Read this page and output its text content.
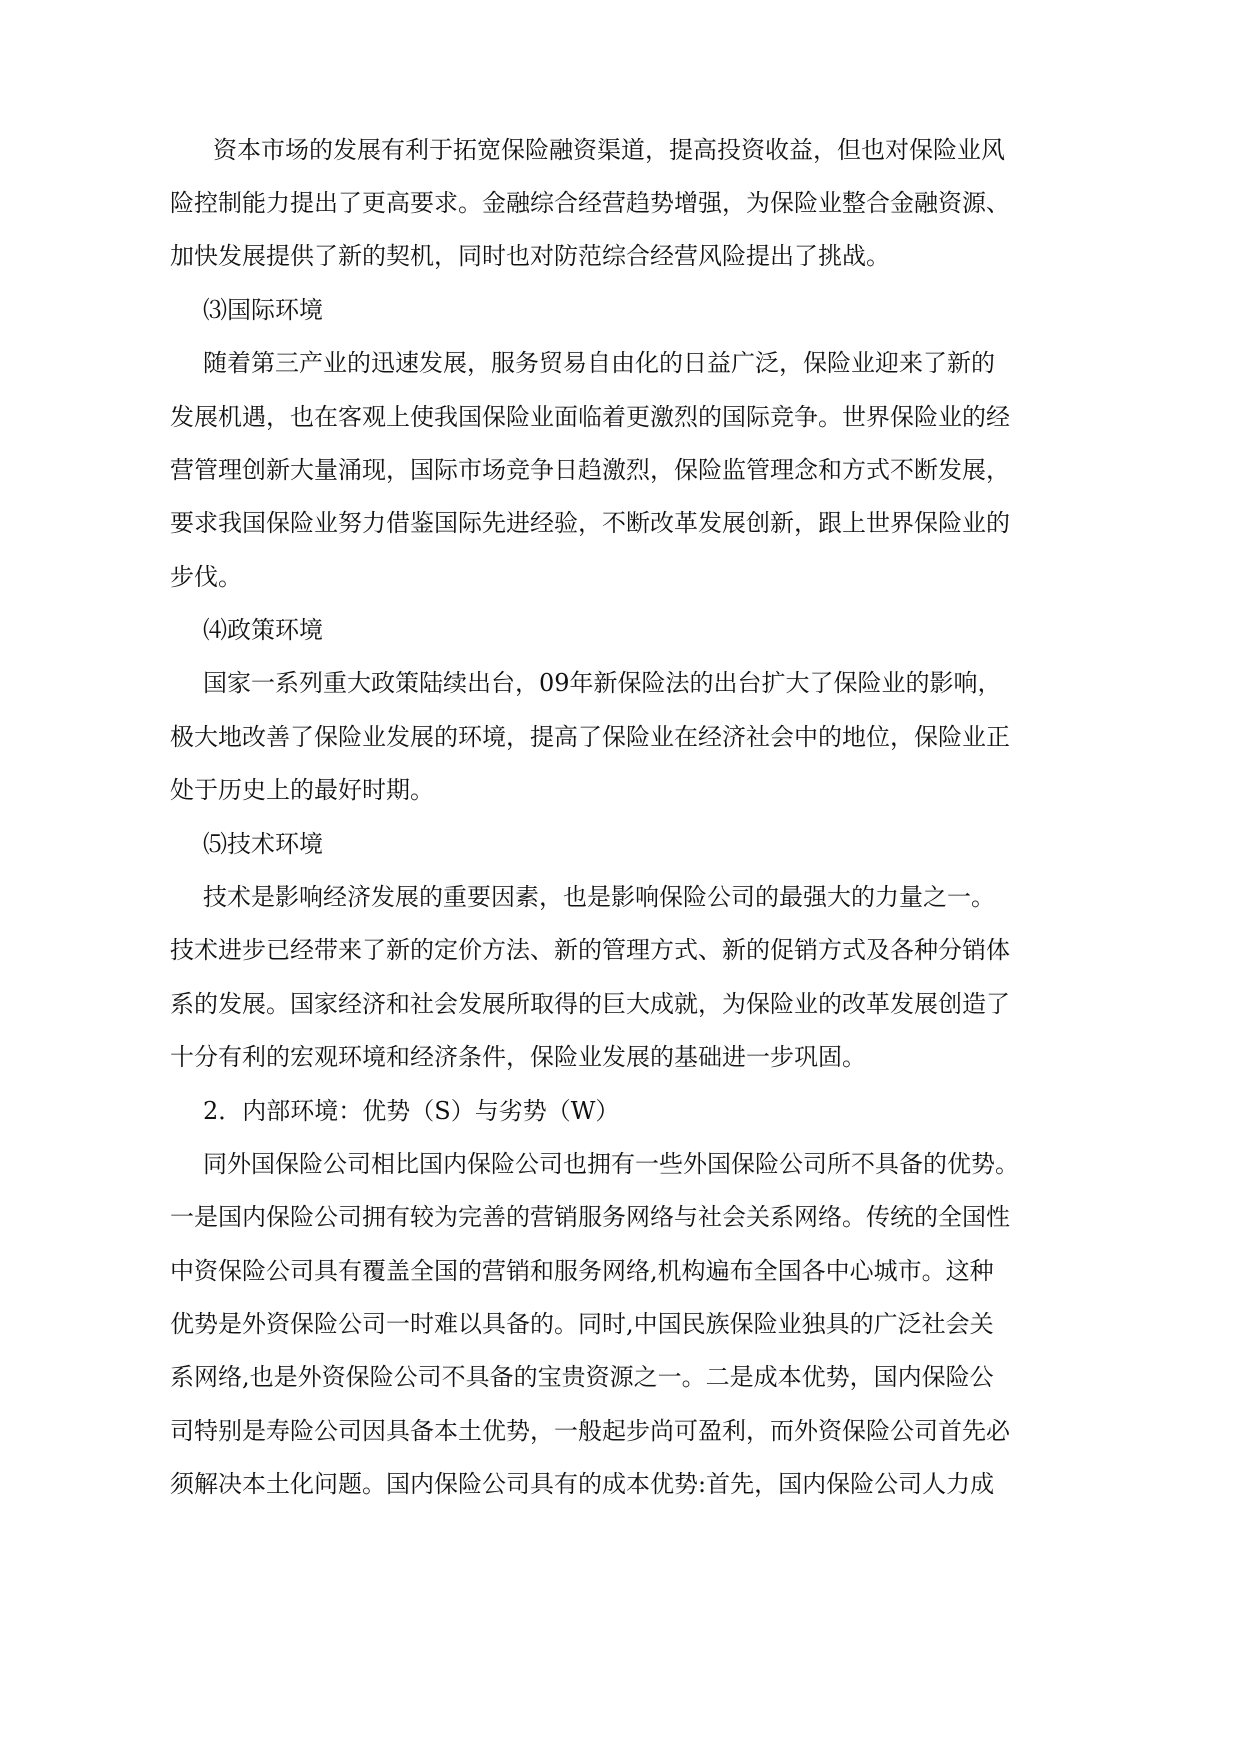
资本市场的发展有利于拓宽保险融资渠道，提高投资收益，但也对保险业风
险控制能力提出了更高要求。金融综合经营趋势增强，为保险业整合金融资源、
加快发展提供了新的契机，同时也对防范综合经营风险提出了挑战。
⑶国际环境
随着第三产业的迅速发展，服务贸易自由化的日益广泛，保险业迎来了新的
发展机遇，也在客观上使我国保险业面临着更激烈的国际竞争。世界保险业的经
营管理创新大量涌现，国际市场竞争日趋激烈，保险监管理念和方式不断发展，
要求我国保险业努力借鉴国际先进经验，不断改革发展创新，跟上世界保险业的
步伐。
⑷政策环境
国家一系列重大政策陆续出台，09年新保险法的出台扩大了保险业的影响，
极大地改善了保险业发展的环境，提高了保险业在经济社会中的地位，保险业正
处于历史上的最好时期。
⑸技术环境
技术是影响经济发展的重要因素，也是影响保险公司的最强大的力量之一。
技术进步已经带来了新的定价方法、新的管理方式、新的促销方式及各种分销体
系的发展。国家经济和社会发展所取得的巨大成就，为保险业的改革发展创造了
十分有利的宏观环境和经济条件，保险业发展的基础进一步巩固。
2．内部环境：优势（S）与劣势（W）
同外国保险公司相比国内保险公司也拥有一些外国保险公司所不具备的优势。
一是国内保险公司拥有较为完善的营销服务网络与社会关系网络。传统的全国性
中资保险公司具有覆盖全国的营销和服务网络,机构遍布全国各中心城市。这种
优势是外资保险公司一时难以具备的。同时,中国民族保险业独具的广泛社会关
系网络,也是外资保险公司不具备的宝贵资源之一。二是成本优势，国内保险公
司特别是寿险公司因具备本土优势，一般起步尚可盈利，而外资保险公司首先必
须解决本土化问题。国内保险公司具有的成本优势:首先，国内保险公司人力成
